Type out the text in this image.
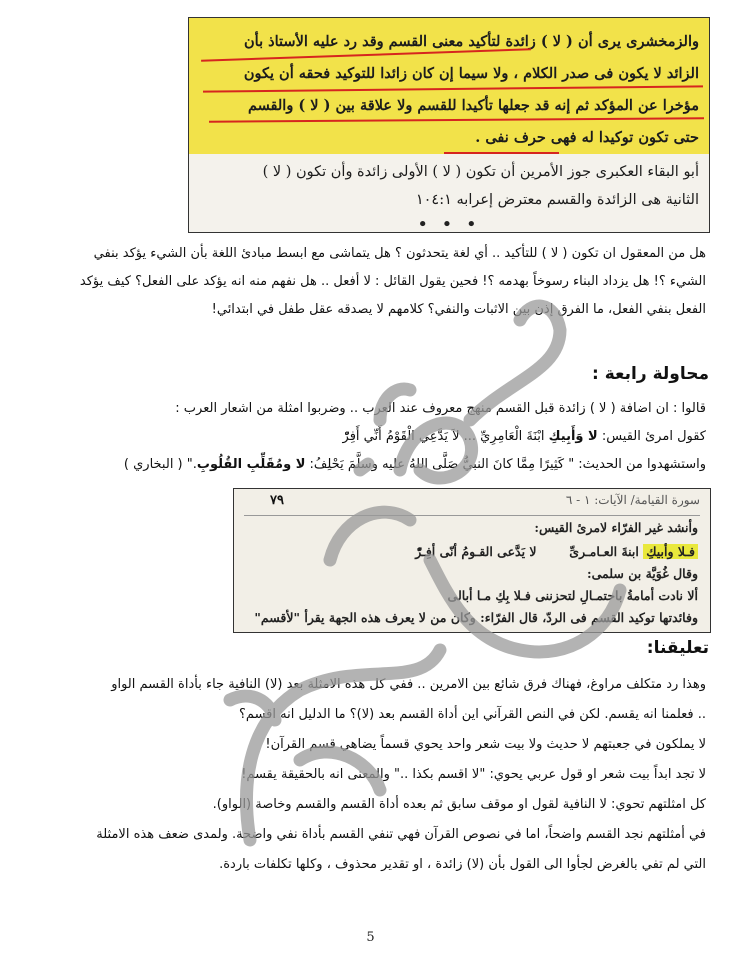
والزمخشرى يرى أن ( لا ) زائدة لتأكيد معنى القسم وقد رد عليه الأستاذ بأن
الزائد لا يكون فى صدر الكلام ، ولا سيما إن كان زائدا للتوكيد فحقه أن يكون
مؤخرا عن المؤكد ثم إنه قد جعلها تأكيدا للقسم ولا علاقة بين ( لا ) والقسم
حتى تكون توكيدا له فهى حرف نفى .
أبو البقاء العكبرى جوز الأمرين أن تكون ( لا ) الأولى زائدة وأن تكون ( لا )
الثانية هى الزائدة والقسم معترض إعرابه ١٠٤:١
• • •
هل من المعقول ان تكون ( لا ) للتأكيد .. أي لغة يتحدثون ؟ هل يتماشى مع ابسط مبادئ اللغة بأن الشيء يؤكد بنفي
الشيء ؟! هل يزداد البناء رسوخاً بهدمه ؟! فحين يقول القائل : لا أفعل .. هل نفهم منه انه يؤكد على الفعل؟ كيف يؤكد
الفعل بنفي الفعل، ما الفرق إذن بين الاثبات والنفي؟ كلامهم لا يصدقه عقل طفل في ابتدائي!
محاولة رابعة :
قالوا : ان اضافة ( لا ) زائدة قبل القسم منهج معروف عند العرب .. وضربوا امثلة من اشعار العرب :
كقول امرئ القيس: لا وَأَبِيكِ ابْنَةَ الْعَامِرِيِّ ... لاَ يَدَّعِي الْقَوْمُ أَنِّي أَفِرّْ
واستشهدوا من الحديث: " كَثِيرًا مِمَّا كانَ النبيُّ صَلَّى اللهُ عليه وسلَّمَ يَحْلِفُ: لا ومُقَلِّبِ القُلُوبِ." ( البخاري )
سورة القيامة/ الآيات: ١ - ٦
٧٩
وأنشد غير الفرّاء لامرئ القيس:
فـلا وأبيكِ ابنةَ العـامـرىِّ  لا يَدَّعى القـومُ أنّى أفِـرّْ
وقال غُوَيَّة بن سلمى:
ألا نادت أمامةُ باحتمـالِ لتحزننى فـلا بِكِ مـا أبالى
وفائدتها توكيد القسم فى الردّ، قال الفرّاء: وكان من لا يعرف هذه الجهة يقرأ "لأقسم"
تعليقنا:
وهذا رد متكلف مراوغ، فهناك فرق شائع بين الامرين .. ففي كل هذه الامثلة بعد (لا) النافية جاء بأداة القسم الواو
.. فعلمنا انه يقسم. لكن في النص القرآني اين أداة القسم بعد (لا)؟ ما الدليل انه اقسم؟
لا يملكون في جعبتهم لا حديث ولا بيت شعر واحد يحوي قسماً يضاهي قسم القرآن!
لا تجد ابداً بيت شعر او قول عربي يحوي: "لا اقسم بكذا .." والمعنى انه بالحقيقة يقسم!
كل امثلتهم تحوي: لا النافية لقول او موقف سابق ثم بعده أداة القسم والقسم وخاصة (الواو).
في أمثلتهم نجد القسم واضحاً، اما في نصوص القرآن فهي تنفي القسم بأداة نفي واضحة. ولمدى ضعف هذه الامثلة
التي لم تفي بالغرض لجأوا الى القول بأن (لا) زائدة ، او تقدير محذوف ، وكلها تكلفات باردة.
5
